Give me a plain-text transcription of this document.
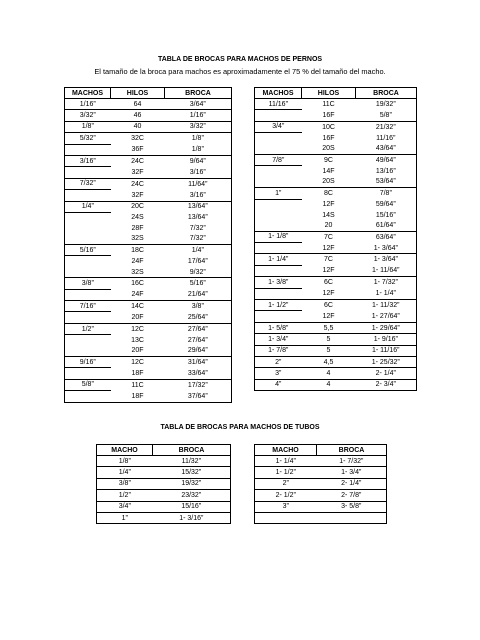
TABLA DE BROCAS PARA MACHOS DE PERNOS
El tamaño de la broca para machos es aproximadamente el 75 % del tamaño del macho.
MACHOS	HILOS	BROCA
1/16”	64	3/64”
3/32”	46	1/16”
1/8”	40	3/32”
5/32”	32C	1/8”
	36F	1/8”
3/16”	24C	9/64”
	32F	3/16”
7/32”	24C	11/64”
	32F	3/16”
1/4”	20C	13/64”
	24S	13/64”
	28F	7/32”
	32S	7/32”
5/16”	18C	1/4”
	24F	17/64”
	32S	9/32”
3/8”	16C	5/16”
	24F	21/64”
7/16”	14C	3/8”
	20F	25/64”
1/2”	12C	27/64”
	13C	27/64”
	20F	29/64”
9/16”	12C	31/64”
	18F	33/64”
5/8”	11C	17/32”
	18F	37/64”
MACHOS	HILOS	BROCA
11/16”	11C	19/32”
	16F	5/8”
3/4”	10C	21/32”
	16F	11/16”
	20S	43/64”
7/8”	9C	49/64”
	14F	13/16”
	20S	53/64”
1”	8C	7/8”
	12F	59/64”
	14S	15/16”
	20	61/64”
1- 1/8”	7C	63/64”
	12F	1- 3/64”
1- 1/4”	7C	1- 3/64”
	12F	1- 11/64”
1- 3/8”	6C	1- 7/32”
	12F	1- 1/4”
1- 1/2”	6C	1- 11/32”
	12F	1- 27/64”
1- 5/8”	5,5	1- 29/64”
1- 3/4”	5	1- 9/16”
1- 7/8”	5	1- 11/16”
2”	4,5	1- 25/32”
3”	4	2- 1/4”
4”	4	2- 3/4”
TABLA DE BROCAS PARA MACHOS DE TUBOS
MACHO	BROCA
1/8”	11/32”
1/4”	15/32”
3/8”	19/32”
1/2”	23/32”
3/4”	15/16”
1”	1- 3/16”
MACHO	BROCA
1- 1/4”	1- 7/32”
1- 1/2”	1- 3/4”
2”	2- 1/4”
2- 1/2”	2- 7/8”
3”	3- 5/8”
